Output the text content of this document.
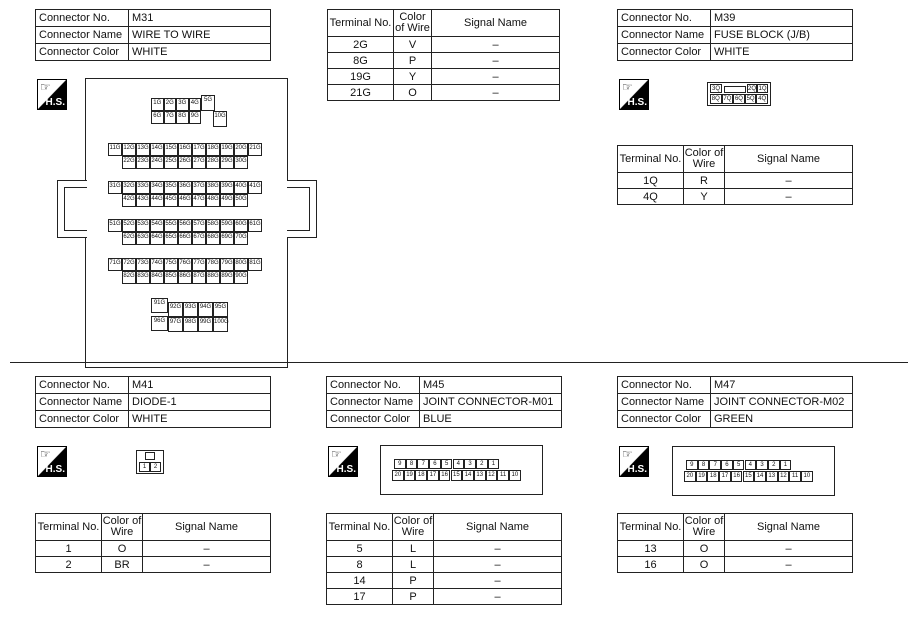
Connector No.	M31
Connector Name	WIRE TO WIRE
Connector Color	WHITE
☞
H.S.	1G 2G 3G 4G 5G
6G 7G 8G 9G	10G
11G 12G 13G 14G 15G 16G 17G 18G 19G 20G 21G
22G 23G 24G 25G 26G 27G 28G 29G 30G
31G 32G 33G 34G 35G 36G 37G 38G 39G 40G 41G
42G 43G 44G 45G 46G 47G 48G 49G 50G
51G 52G 53G 54G 55G 56G 57G 58G 59G 60G 61G
62G 63G 64G 65G 66G 67G 68G 69G 70G
71G 72G 73G 74G 75G 76G 77G 78G 79G 80G 81G
82G 83G 84G 85G 86G 87G 88G 89G 90G
91G
92G 93G 94G 95G
96G 97G 98G 99G 100G
Terminal No.	Color of Wire	Signal Name
2G	V	–
8G	P	–
19G	Y	–
21G	O	–
Connector No.	M39
Connector Name	FUSE BLOCK (J/B)
Connector Color	WHITE
☞
H.S.
3Q	2Q 1Q
8Q 7Q 6Q 5Q 4Q
Terminal No.	Color of Wire	Signal Name
1Q	R	–
4Q	Y	–
Connector No.	M41
Connector Name	DIODE-1
Connector Color	WHITE
☞
H.S.	1	2
Terminal No.	Color of Wire	Signal Name
1	O	–
2	BR	–
Connector No.	M45
Connector Name	JOINT CONNECTOR-M01
Connector Color	BLUE
☞
H.S.	9	8	7	6	5	4	3	2	1
20 19 18 17 16 15 14 13 12 11 10
Terminal No.	Color of Wire	Signal Name
5	L	–
8	L	–
14	P	–
17	P	–
Connector No.	M47
Connector Name	JOINT CONNECTOR-M02
Connector Color	GREEN
☞
H.S.	9	8	7	6	5	4	3	2	1
20 19 18 17 16 15 14 13 12 11 10
Terminal No.	Color of Wire	Signal Name
13	O	–
16	O	–
